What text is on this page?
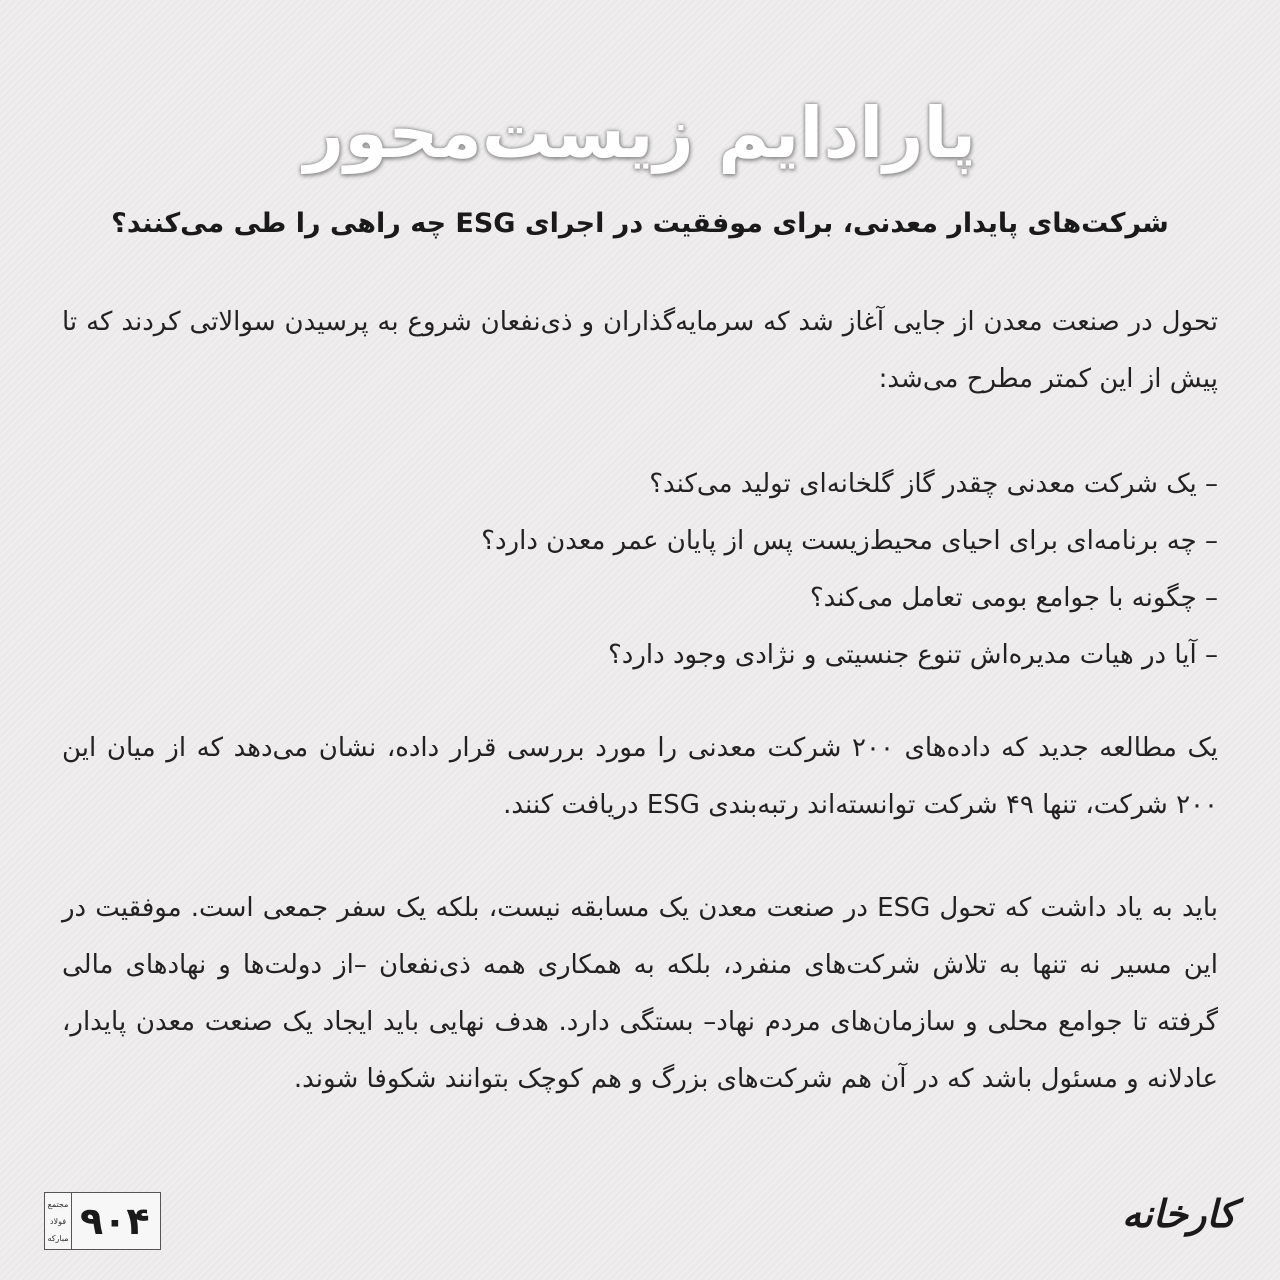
پارادایم زیست‌محور
شرکت‌های پایدار معدنی، برای موفقیت در اجرای ESG چه راهی را طی می‌کنند؟

تحول در صنعت معدن از جایی آغاز شد که سرمایه‌گذاران و ذی‌نفعان شروع به پرسیدن سوالاتی کردند که تا پیش از این کمتر مطرح می‌شد:

– یک شرکت معدنی چقدر گاز گلخانه‌ای تولید می‌کند؟
– چه برنامه‌ای برای احیای محیط‌زیست پس از پایان عمر معدن دارد؟
– چگونه با جوامع بومی تعامل می‌کند؟
– آیا در هیات مدیره‌اش تنوع جنسیتی و نژادی وجود دارد؟

یک مطالعه جدید که داده‌های ۲۰۰ شرکت معدنی را مورد بررسی قرار داده، نشان می‌دهد که از میان این ۲۰۰ شرکت، تنها ۴۹ شرکت توانسته‌اند رتبه‌بندی ESG دریافت کنند.

باید به یاد داشت که تحول ESG در صنعت معدن یک مسابقه نیست، بلکه یک سفر جمعی است. موفقیت در این مسیر نه تنها به تلاش شرکت‌های منفرد، بلکه به همکاری همه ذی‌نفعان –از دولت‌ها و نهادهای مالی گرفته تا جوامع محلی و سازمان‌های مردم نهاد– بستگی دارد. هدف نهایی باید ایجاد یک صنعت معدن پایدار، عادلانه و مسئول باشد که در آن هم شرکت‌های بزرگ و هم کوچک بتوانند شکوفا شوند.

مجتمع
فولاد
مبارکه ۹۰۴	کارخانه
